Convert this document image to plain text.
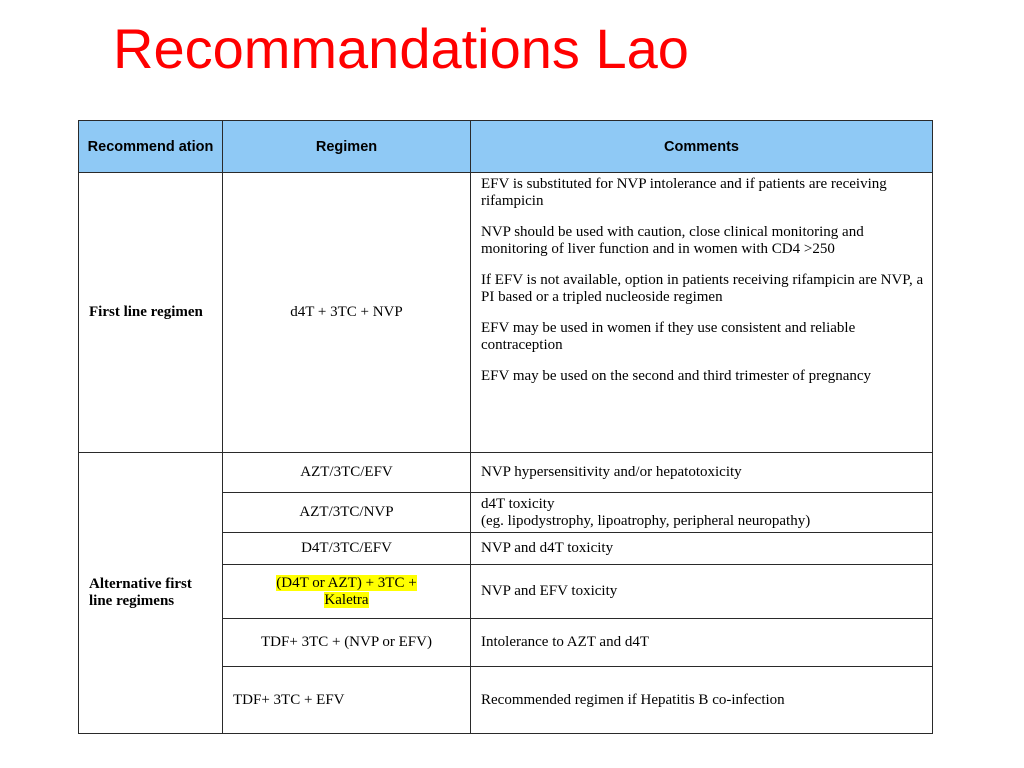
Recommandations Lao
Recommend ation	Regimen	Comments
First line regimen	d4T + 3TC + NVP	EFV is substituted for NVP intolerance and if patients are receiving rifampicin

NVP should be used with caution, close clinical monitoring and monitoring of liver function and in women with CD4 >250

If EFV is not available, option in patients receiving rifampicin are NVP, a PI based or a tripled nucleoside regimen

EFV may be used in women if they use consistent and reliable contraception

EFV may be used on the second and third trimester of pregnancy

Alternative first line regimens	AZT/3TC/EFV	NVP hypersensitivity and/or hepatotoxicity
	AZT/3TC/NVP	d4T toxicity
(eg. lipodystrophy, lipoatrophy, peripheral neuropathy)

	D4T/3TC/EFV	NVP and d4T toxicity

	(D4T or AZT) + 3TC +
Kaletra	NVP and EFV toxicity
	TDF+ 3TC + (NVP or EFV)	Intolerance to AZT and d4T
	TDF+ 3TC + EFV	Recommended regimen if Hepatitis B co-infection
